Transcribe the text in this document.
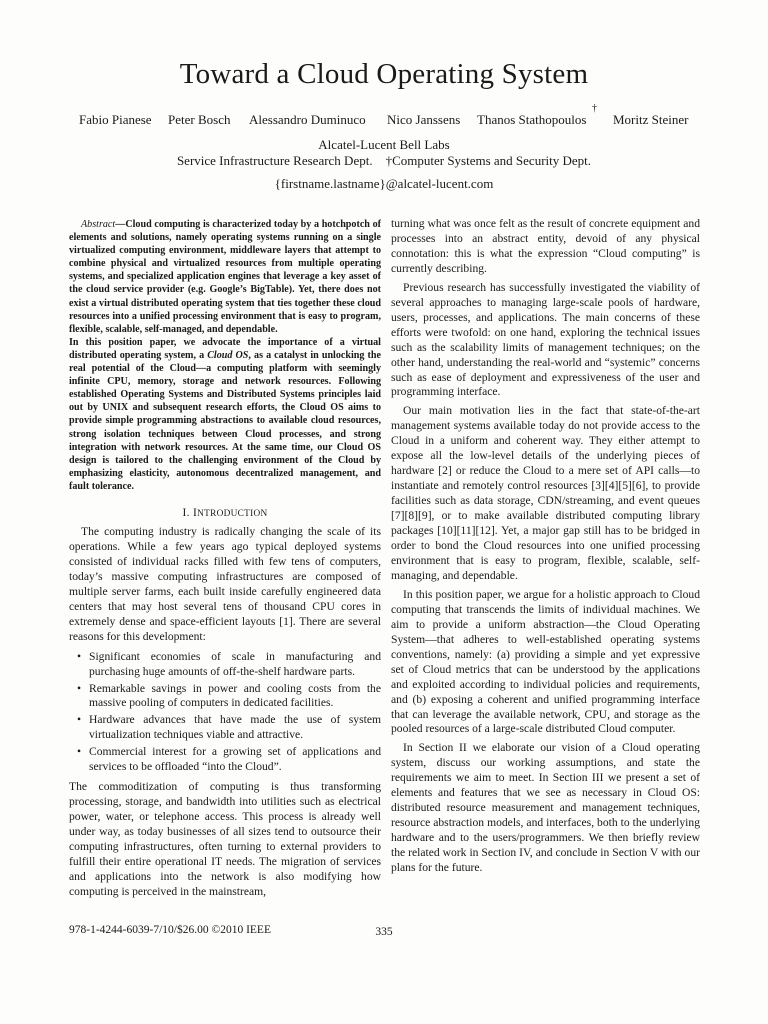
Toward a Cloud Operating System
Fabio Pianese Peter Bosch Alessandro Duminuco Nico Janssens Thanos Stathopoulos
†
Moritz Steiner
Alcatel-Lucent Bell Labs
Service Infrastructure Research Dept.    †Computer Systems and Security Dept.
{firstname.lastname}@alcatel-lucent.com

Abstract—Cloud computing is characterized today by a hotchpotch of elements and solutions, namely operating systems running on a single virtualized computing environment, middleware layers that attempt to combine physical and virtualized resources from multiple operating systems, and specialized application engines that leverage a key asset of the cloud service provider (e.g. Google’s BigTable). Yet, there does not exist a virtual distributed operating system that ties together these cloud resources into a unified processing environment that is easy to program, flexible, scalable, self-managed, and dependable.

In this position paper, we advocate the importance of a virtual distributed operating system, a Cloud OS, as a catalyst in unlocking the real potential of the Cloud—a computing platform with seemingly infinite CPU, memory, storage and network resources. Following established Operating Systems and Distributed Systems principles laid out by UNIX and subsequent research efforts, the Cloud OS aims to provide simple programming abstractions to available cloud resources, strong isolation techniques between Cloud processes, and strong integration with network resources. At the same time, our Cloud OS design is tailored to the challenging environment of the Cloud by emphasizing elasticity, autonomous decentralized management, and fault tolerance.

I. INTRODUCTION

The computing industry is radically changing the scale of its operations. While a few years ago typical deployed systems consisted of individual racks filled with few tens of computers, today’s massive computing infrastructures are composed of multiple server farms, each built inside carefully engineered data centers that may host several tens of thousand CPU cores in extremely dense and space-efficient layouts [1]. There are several reasons for this development:

• Significant economies of scale in manufacturing and purchasing huge amounts of off-the-shelf hardware parts.
• Remarkable savings in power and cooling costs from the massive pooling of computers in dedicated facilities.
• Hardware advances that have made the use of system virtualization techniques viable and attractive.
• Commercial interest for a growing set of applications and services to be offloaded “into the Cloud”.

The commoditization of computing is thus transforming processing, storage, and bandwidth into utilities such as electrical power, water, or telephone access. This process is already well under way, as today businesses of all sizes tend to outsource their computing infrastructures, often turning to external providers to fulfill their entire operational IT needs. The migration of services and applications into the network is also modifying how computing is perceived in the mainstream,

turning what was once felt as the result of concrete equipment and processes into an abstract entity, devoid of any physical connotation: this is what the expression “Cloud computing” is currently describing.

Previous research has successfully investigated the viability of several approaches to managing large-scale pools of hardware, users, processes, and applications. The main concerns of these efforts were twofold: on one hand, exploring the technical issues such as the scalability limits of management techniques; on the other hand, understanding the real-world and “systemic” concerns such as ease of deployment and expressiveness of the user and programming interface.

Our main motivation lies in the fact that state-of-the-art management systems available today do not provide access to the Cloud in a uniform and coherent way. They either attempt to expose all the low-level details of the underlying pieces of hardware [2] or reduce the Cloud to a mere set of API calls—to instantiate and remotely control resources [3][4][5][6], to provide facilities such as data storage, CDN/streaming, and event queues [7][8][9], or to make available distributed computing library packages [10][11][12]. Yet, a major gap still has to be bridged in order to bond the Cloud resources into one unified processing environment that is easy to program, flexible, scalable, self-managing, and dependable.

In this position paper, we argue for a holistic approach to Cloud computing that transcends the limits of individual machines. We aim to provide a uniform abstraction—the Cloud Operating System—that adheres to well-established operating systems conventions, namely: (a) providing a simple and yet expressive set of Cloud metrics that can be understood by the applications and exploited according to individual policies and requirements, and (b) exposing a coherent and unified programming interface that can leverage the available network, CPU, and storage as the pooled resources of a large-scale distributed Cloud computer.

In Section II we elaborate our vision of a Cloud operating system, discuss our working assumptions, and state the requirements we aim to meet. In Section III we present a set of elements and features that we see as necessary in Cloud OS: distributed resource measurement and management techniques, resource abstraction models, and interfaces, both to the underlying hardware and to the users/programmers. We then briefly review the related work in Section IV, and conclude in Section V with our plans for the future.

978-1-4244-6039-7/10/$26.00 ©2010 IEEE	335
